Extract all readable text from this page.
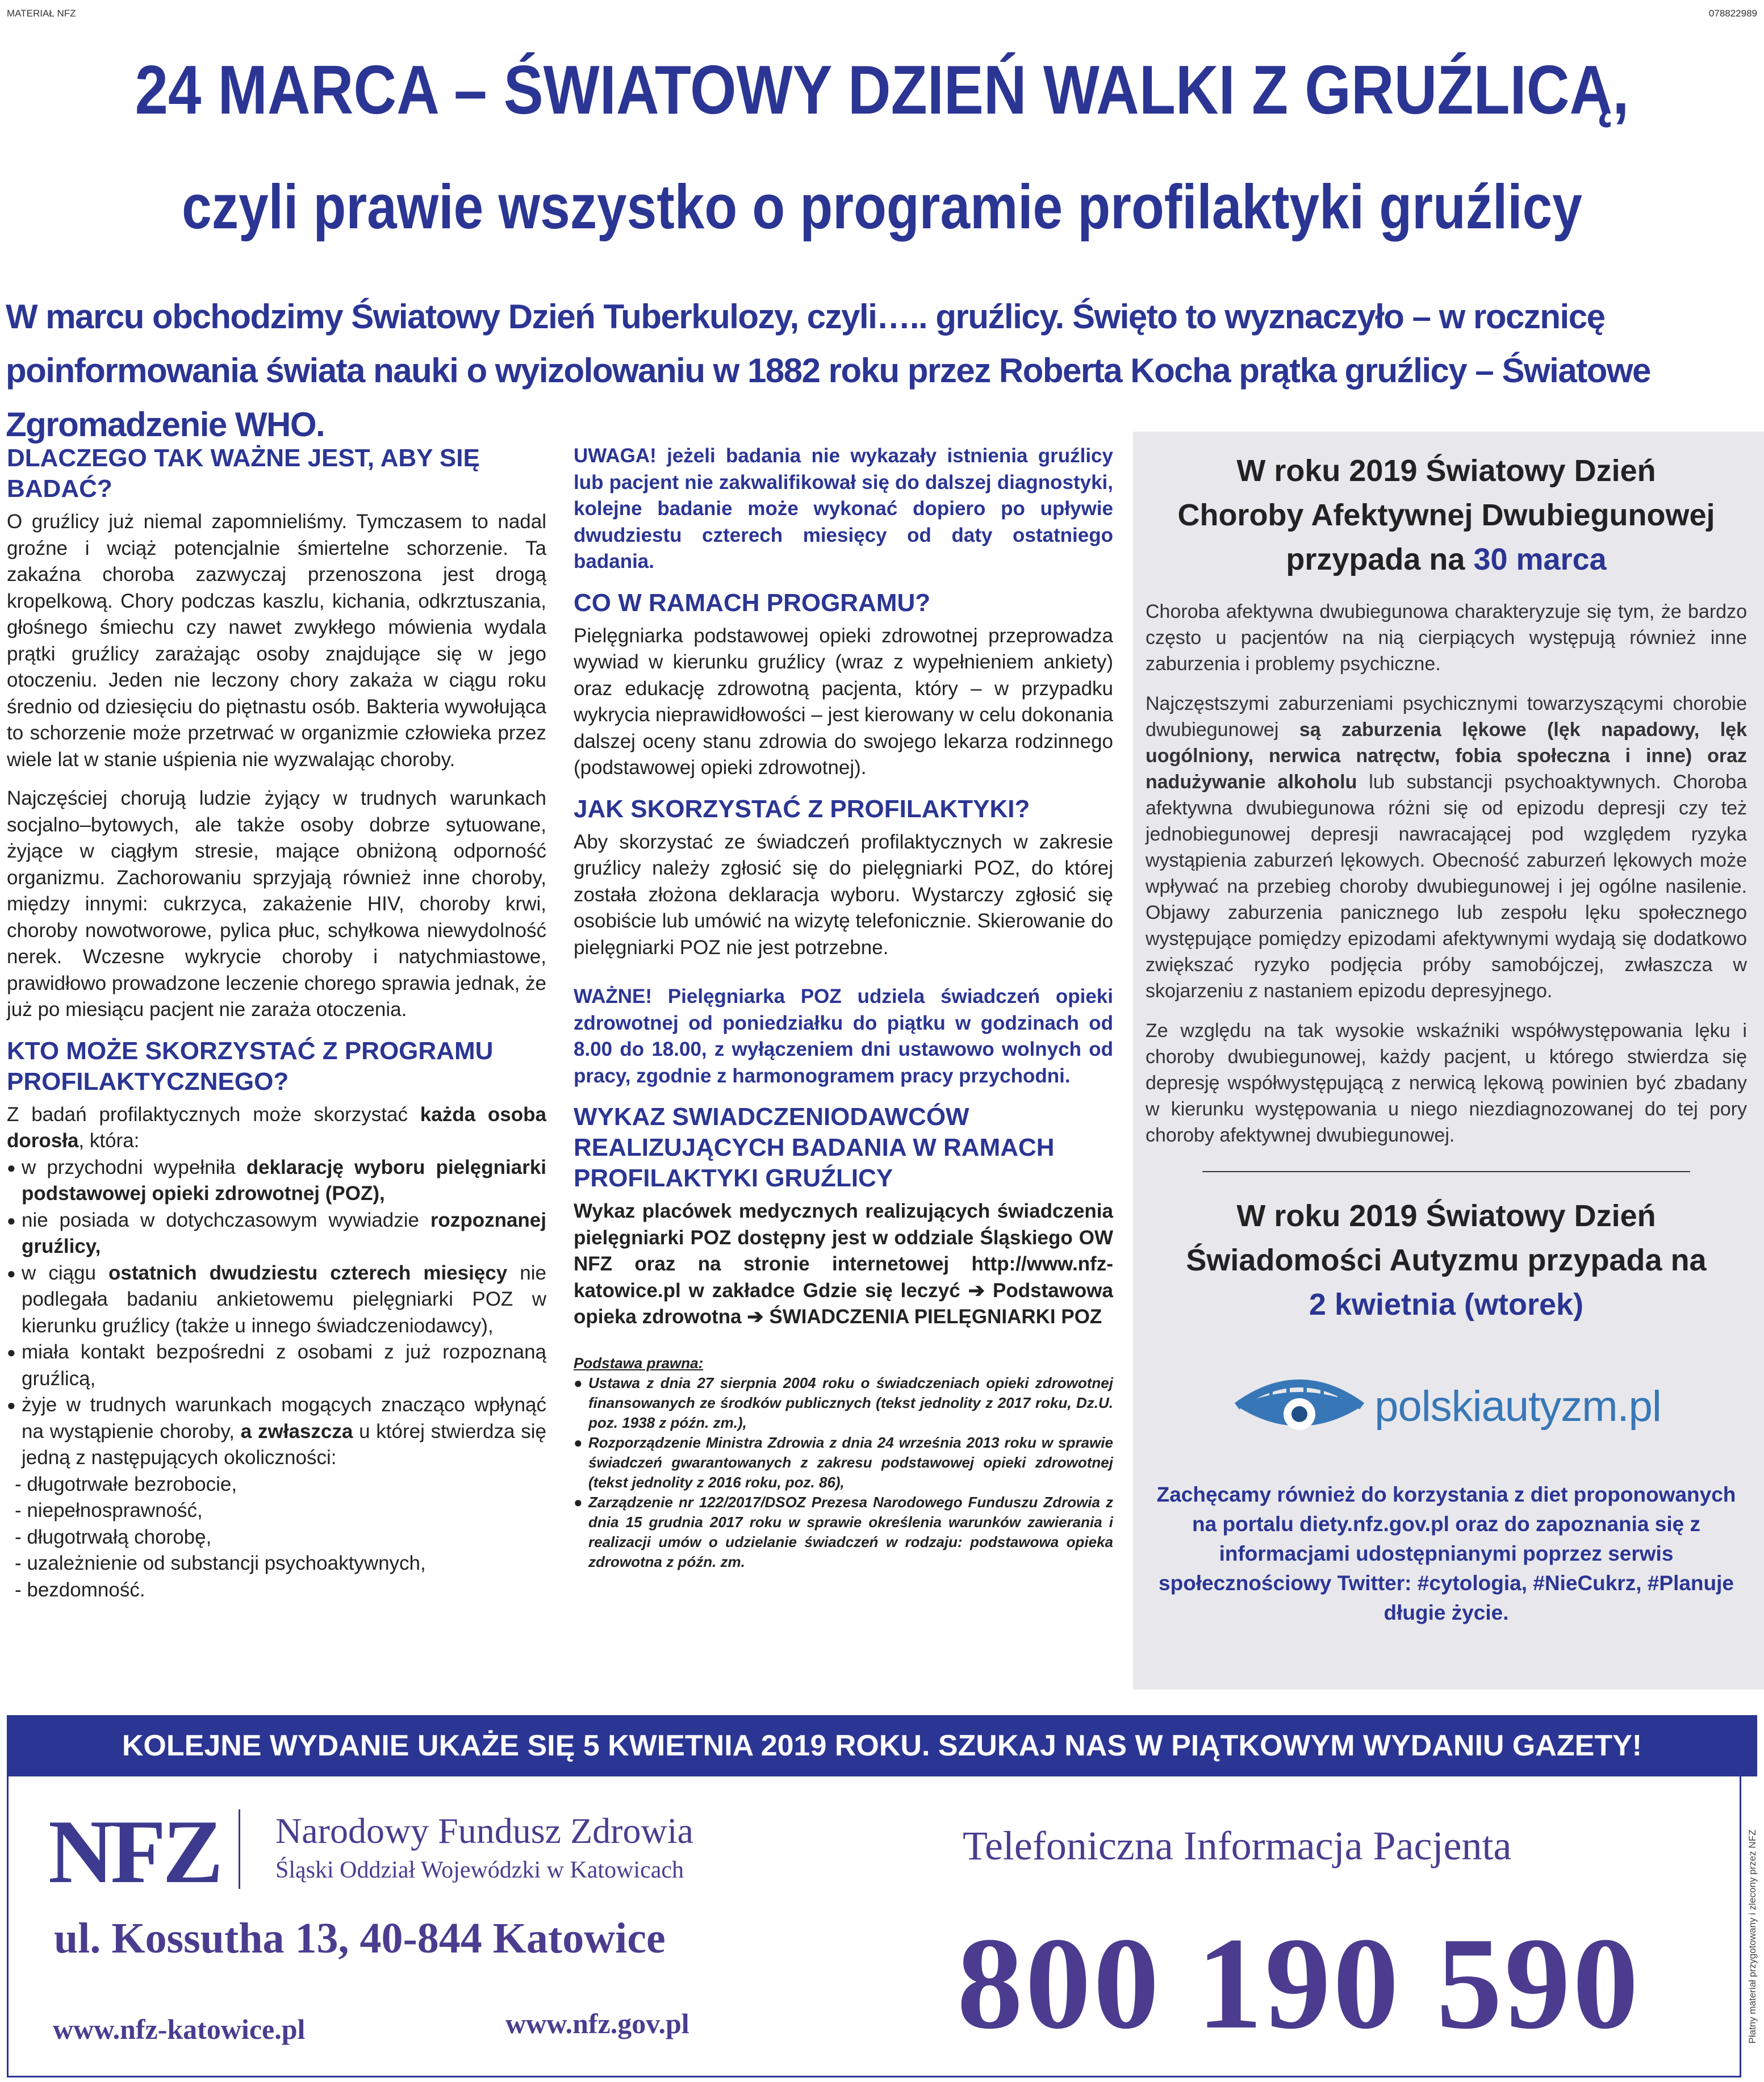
MATERIAŁ NFZ	078822989
24 MARCA – ŚWIATOWY DZIEŃ WALKI Z GRUŹLICĄ,
czyli prawie wszystko o programie profilaktyki gruźlicy
W marcu obchodzimy Światowy Dzień Tuberkulozy, czyli….. gruźlicy. Święto to wyznaczyło – w rocznicę poinformowania świata nauki o wyizolowaniu w 1882 roku przez Roberta Kocha prątka gruźlicy – Światowe Zgromadzenie WHO.
DLACZEGO TAK WAŻNE JEST, ABY SIĘ BADAĆ?

O gruźlicy już niemal zapomnieliśmy. Tymczasem to nadal groźne i wciąż potencjalnie śmiertelne schorzenie. Ta zakaźna choroba zazwyczaj przenoszona jest drogą kropelkową. Chory podczas kaszlu, kichania, odkrztuszania, głośnego śmiechu czy nawet zwykłego mówienia wydala prątki gruźlicy zarażając osoby znajdujące się w jego otoczeniu. Jeden nie leczony chory zakaża w ciągu roku średnio od dziesięciu do piętnastu osób. Bakteria wywołująca to schorzenie może przetrwać w organizmie człowieka przez wiele lat w stanie uśpienia nie wyzwalając choroby.

Najczęściej chorują ludzie żyjący w trudnych warunkach socjalno–bytowych, ale także osoby dobrze sytuowane, żyjące w ciągłym stresie, mające obniżoną odporność organizmu. Zachorowaniu sprzyjają również inne choroby, między innymi: cukrzyca, zakażenie HIV, choroby krwi, choroby nowotworowe, pylica płuc, schyłkowa niewydolność nerek. Wczesne wykrycie choroby i natychmiastowe, prawidłowo prowadzone leczenie chorego sprawia jednak, że już po miesiącu pacjent nie zaraża otoczenia.

KTO MOŻE SKORZYSTAĆ Z PROGRAMU PROFILAKTYCZNEGO?
Z badań profilaktycznych może skorzystać każda osoba dorosła, która:
● w przychodni wypełniła deklarację wyboru pielęgniarki podstawowej opieki zdrowotnej (POZ),
● nie posiada w dotychczasowym wywiadzie rozpoznanej gruźlicy,
● w ciągu ostatnich dwudziestu czterech miesięcy nie podlegała badaniu ankietowemu pielęgniarki POZ w kierunku gruźlicy (także u innego świadczeniodawcy),
● miała kontakt bezpośredni z osobami z już rozpoznaną gruźlicą,
● żyje w trudnych warunkach mogących znacząco wpłynąć na wystąpienie choroby, a zwłaszcza u której stwierdza się jedną z następujących okoliczności:
- długotrwałe bezrobocie,
- niepełnosprawność,
- długotrwałą chorobę,
- uzależnienie od substancji psychoaktywnych,
- bezdomność.

UWAGA! jeżeli badania nie wykazały istnienia gruźlicy lub pacjent nie zakwalifikował się do dalszej diagnostyki, kolejne badanie może wykonać dopiero po upływie dwudziestu czterech miesięcy od daty ostatniego badania.

CO W RAMACH PROGRAMU?

Pielęgniarka podstawowej opieki zdrowotnej przeprowadza wywiad w kierunku gruźlicy (wraz z wypełnieniem ankiety) oraz edukację zdrowotną pacjenta, który – w przypadku wykrycia nieprawidłowości – jest kierowany w celu dokonania dalszej oceny stanu zdrowia do swojego lekarza rodzinnego (podstawowej opieki zdrowotnej).

JAK SKORZYSTAĆ Z PROFILAKTYKI?

Aby skorzystać ze świadczeń profilaktycznych w zakresie gruźlicy należy zgłosić się do pielęgniarki POZ, do której została złożona deklaracja wyboru. Wystarczy zgłosić się osobiście lub umówić na wizytę telefonicznie. Skierowanie do pielęgniarki POZ nie jest potrzebne.

WAŻNE! Pielęgniarka POZ udziela świadczeń opieki zdrowotnej od poniedziałku do piątku w godzinach od 8.00 do 18.00, z wyłączeniem dni ustawowo wolnych od pracy, zgodnie z harmonogramem pracy przychodni.

WYKAZ SWIADCZENIODAWCÓW REALIZUJĄCYCH BADANIA W RAMACH PROFILAKTYKI GRUŹLICY

Wykaz placówek medycznych realizujących świadczenia pielęgniarki POZ dostępny jest w oddziale Śląskiego OW NFZ oraz na stronie internetowej http://www.nfz-katowice.pl w zakładce Gdzie się leczyć ➔ Podstawowa opieka zdrowotna ➔ ŚWIADCZENIA PIELĘGNIARKI POZ

Podstawa prawna:
● Ustawa z dnia 27 sierpnia 2004 roku o świadczeniach opieki zdrowotnej finansowanych ze środków publicznych (tekst jednolity z 2017 roku, Dz.U. poz. 1938 z późn. zm.),
● Rozporządzenie Ministra Zdrowia z dnia 24 września 2013 roku w sprawie świadczeń gwarantowanych z zakresu podstawowej opieki zdrowotnej (tekst jednolity z 2016 roku, poz. 86),
● Zarządzenie nr 122/2017/DSOZ Prezesa Narodowego Funduszu Zdrowia z dnia 15 grudnia 2017 roku w sprawie określenia warunków zawierania i realizacji umów o udzielanie świadczeń w rodzaju: podstawowa opieka zdrowotna z późn. zm.
W roku 2019 Światowy Dzień
Choroby Afektywnej Dwubiegunowej
przypada na 30 marca

Choroba afektywna dwubiegunowa charakteryzuje się tym, że bardzo często u pacjentów na nią cierpiących występują również inne zaburzenia i problemy psychiczne.

Najczęstszymi zaburzeniami psychicznymi towarzyszącymi chorobie dwubiegunowej są zaburzenia lękowe (lęk napadowy, lęk uogólniony, nerwica natręctw, fobia społeczna i inne) oraz nadużywanie alkoholu lub substancji psychoaktywnych. Choroba afektywna dwubiegunowa różni się od epizodu depresji czy też jednobiegunowej depresji nawracającej pod względem ryzyka wystąpienia zaburzeń lękowych. Obecność zaburzeń lękowych może wpływać na przebieg choroby dwubiegunowej i jej ogólne nasilenie. Objawy zaburzenia panicznego lub zespołu lęku społecznego występujące pomiędzy epizodami afektywnymi wydają się dodatkowo zwiększać ryzyko podjęcia próby samobójczej, zwłaszcza w skojarzeniu z nastaniem epizodu depresyjnego.

Ze względu na tak wysokie wskaźniki współwystępowania lęku i choroby dwubiegunowej, każdy pacjent, u którego stwierdza się depresję współwystępującą z nerwicą lękową powinien być zbadany w kierunku występowania u niego niezdiagnozowanej do tej pory choroby afektywnej dwubiegunowej.

W roku 2019 Światowy Dzień
Świadomości Autyzmu przypada na
2 kwietnia (wtorek)
polskiautyzm.pl
Zachęcamy również do korzystania z diet proponowanych na portalu diety.nfz.gov.pl oraz do zapoznania się z informacjami udostępnianymi poprzez serwis społecznościowy Twitter: #cytologia, #NieCukrz, #Planuje długie życie.
KOLEJNE WYDANIE UKAŻE SIĘ 5 KWIETNIA 2019 ROKU. SZUKAJ NAS W PIĄTKOWYM WYDANIU GAZETY!
NFZ Narodowy Fundusz Zdrowia
Śląski Oddział Wojewódzki w Katowicach
ul. Kossutha 13, 40-844 Katowice
www.nfz-katowice.pl	www.nfz.gov.pl
Telefoniczna Informacja Pacjenta
800 190 590	Płatny materiał przygotowany i zlecony przez NFZ
